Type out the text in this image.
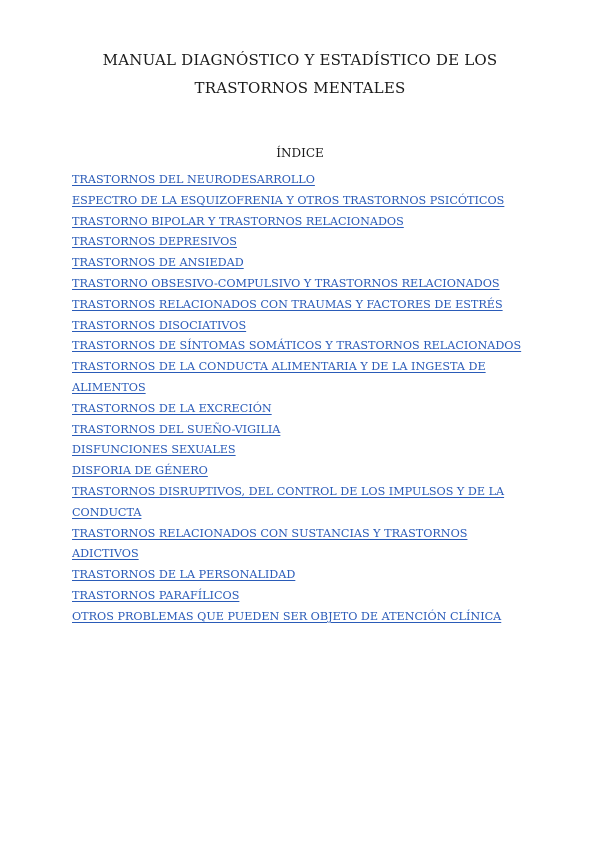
MANUAL DIAGNÓSTICO Y ESTADÍSTICO DE LOS
TRASTORNOS MENTALES
ÍNDICE
TRASTORNOS DEL NEURODESARROLLO
ESPECTRO DE LA ESQUIZOFRENIA Y OTROS TRASTORNOS PSICÓTICOS
TRASTORNO BIPOLAR Y TRASTORNOS RELACIONADOS
TRASTORNOS DEPRESIVOS
TRASTORNOS DE ANSIEDAD
TRASTORNO OBSESIVO-COMPULSIVO Y TRASTORNOS RELACIONADOS
TRASTORNOS RELACIONADOS CON TRAUMAS Y FACTORES DE ESTRÉS
TRASTORNOS DISOCIATIVOS
TRASTORNOS DE SÍNTOMAS SOMÁTICOS Y TRASTORNOS RELACIONADOS
TRASTORNOS DE LA CONDUCTA ALIMENTARIA Y DE LA INGESTA DE ALIMENTOS
TRASTORNOS DE LA EXCRECIÓN
TRASTORNOS DEL SUEÑO-VIGILIA
DISFUNCIONES SEXUALES
DISFORIA DE GÉNERO
TRASTORNOS DISRUPTIVOS, DEL CONTROL DE LOS IMPULSOS Y DE LA CONDUCTA
TRASTORNOS RELACIONADOS CON SUSTANCIAS Y TRASTORNOS ADICTIVOS
TRASTORNOS DE LA PERSONALIDAD
TRASTORNOS PARAFÍLICOS
OTROS PROBLEMAS QUE PUEDEN SER OBJETO DE ATENCIÓN CLÍNICA
